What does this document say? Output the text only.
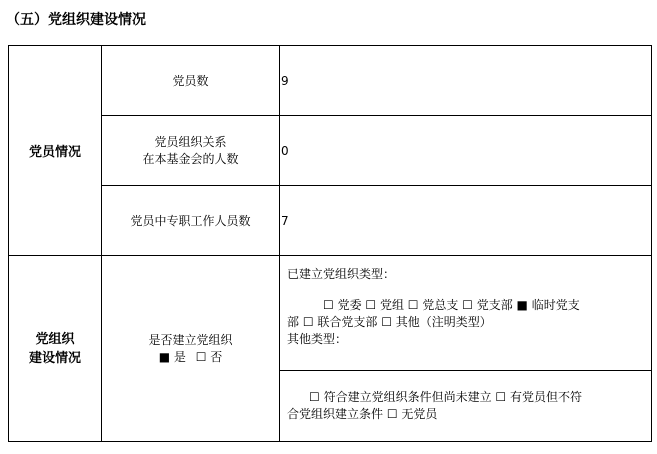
（五）党组织建设情况
党员情况
党员数	9
党员组织关系
在本基金会的人数
0
党员中专职工作人员数	7
党组织
建设情况
是否建立党组织
■ 是 ☐ 否
已建立党组织类型：
☐ 党委 ☐ 党组 ☐ 党总支 ☐ 党支部 ■ 临时党支
部 ☐ 联合党支部 ☐ 其他（注明类型）
其他类型：
☐ 符合建立党组织条件但尚未建立 ☐ 有党员但不符
合党组织建立条件 ☐ 无党员
